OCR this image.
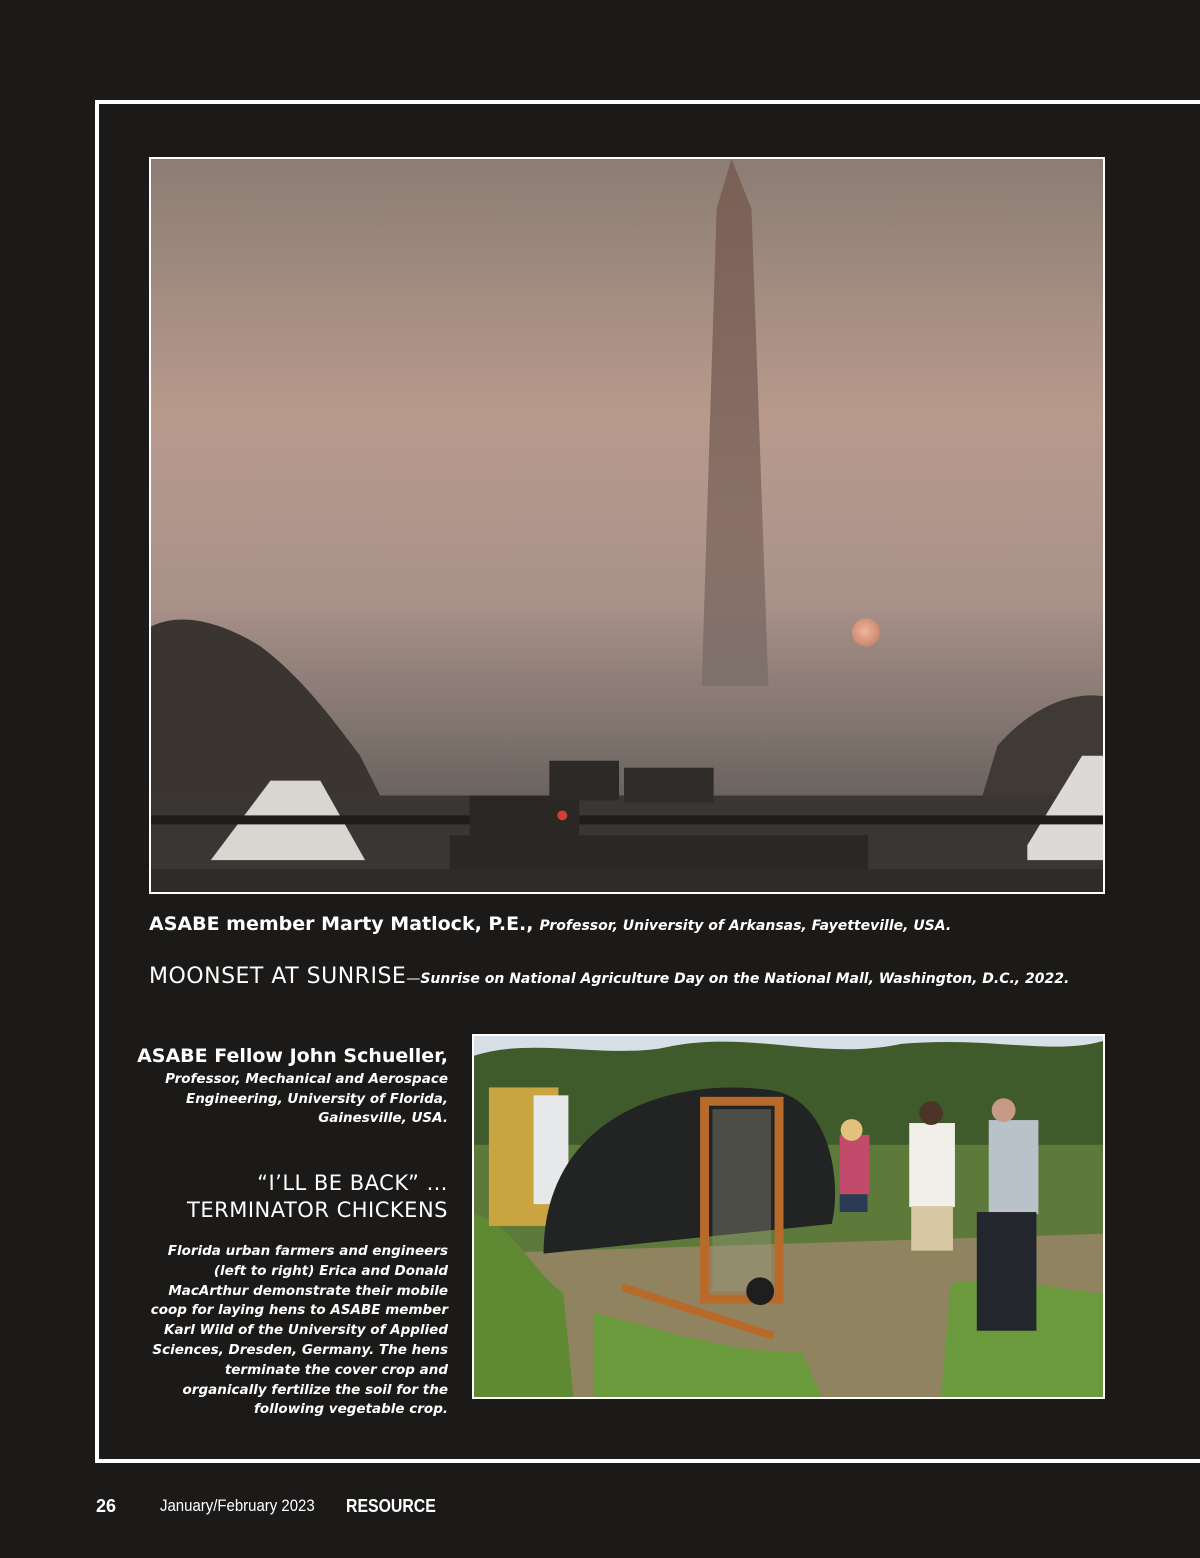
ASABE member Marty Matlock, P.E., Professor, University of Arkansas, Fayetteville, USA.
MOONSET AT SUNRISE—Sunrise on National Agriculture Day on the National Mall, Washington, D.C., 2022.
ASABE Fellow John Schueller,
Professor, Mechanical and Aerospace Engineering, University of Florida, Gainesville, USA.
“I’LL BE BACK” … TERMINATOR CHICKENS
Florida urban farmers and engineers (left to right) Erica and Donald MacArthur demonstrate their mobile coop for laying hens to ASABE member Karl Wild of the University of Applied Sciences, Dresden, Germany. The hens terminate the cover crop and organically fertilize the soil for the following vegetable crop.
26	January/February 2023 RESOURCE
